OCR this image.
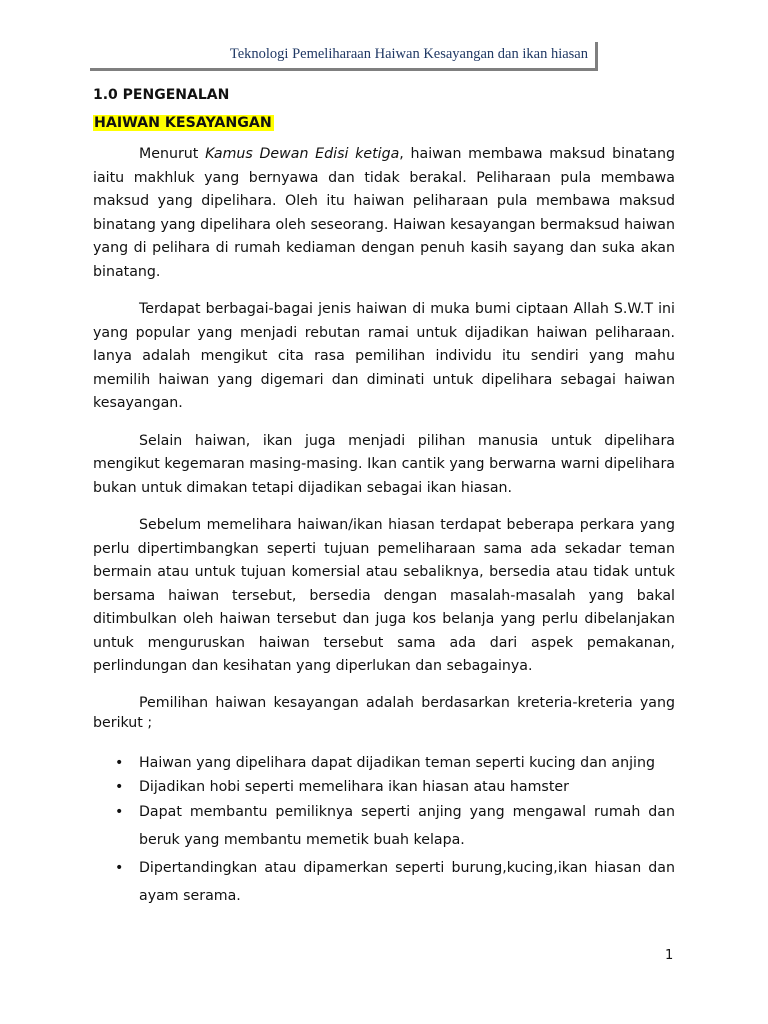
Teknologi Pemeliharaan Haiwan Kesayangan dan ikan hiasan
1.0 PENGENALAN
HAIWAN KESAYANGAN

Menurut Kamus Dewan Edisi ketiga, haiwan membawa maksud binatang iaitu makhluk yang bernyawa dan tidak berakal. Peliharaan pula membawa maksud yang dipelihara. Oleh itu haiwan peliharaan pula membawa maksud binatang yang dipelihara oleh seseorang. Haiwan kesayangan bermaksud haiwan yang di pelihara di rumah kediaman dengan penuh kasih sayang dan suka akan binatang.

Terdapat berbagai-bagai jenis haiwan di muka bumi ciptaan Allah S.W.T ini yang popular yang menjadi rebutan ramai untuk dijadikan haiwan peliharaan. Ianya adalah mengikut cita rasa pemilihan individu itu sendiri yang mahu memilih haiwan yang digemari dan diminati untuk dipelihara sebagai haiwan kesayangan.

Selain haiwan, ikan juga menjadi pilihan manusia untuk dipelihara mengikut kegemaran masing-masing. Ikan cantik yang berwarna warni dipelihara bukan untuk dimakan tetapi dijadikan sebagai ikan hiasan.

Sebelum memelihara haiwan/ikan hiasan terdapat beberapa perkara yang perlu dipertimbangkan seperti tujuan pemeliharaan sama ada sekadar teman bermain atau untuk tujuan komersial atau sebaliknya, bersedia atau tidak untuk bersama haiwan tersebut, bersedia dengan masalah-masalah yang bakal ditimbulkan oleh haiwan tersebut dan juga kos belanja yang perlu dibelanjakan untuk menguruskan haiwan tersebut sama ada dari aspek pemakanan, perlindungan dan kesihatan yang diperlukan dan sebagainya.

Pemilihan haiwan kesayangan adalah berdasarkan kreteria-kreteria yang berikut ;

• Haiwan yang dipelihara dapat dijadikan teman seperti kucing dan anjing
• Dijadikan hobi seperti memelihara ikan hiasan atau hamster
• Dapat membantu pemiliknya seperti anjing yang mengawal rumah dan beruk yang membantu memetik buah kelapa.
• Dipertandingkan atau dipamerkan seperti burung,kucing,ikan hiasan dan ayam serama.
1
